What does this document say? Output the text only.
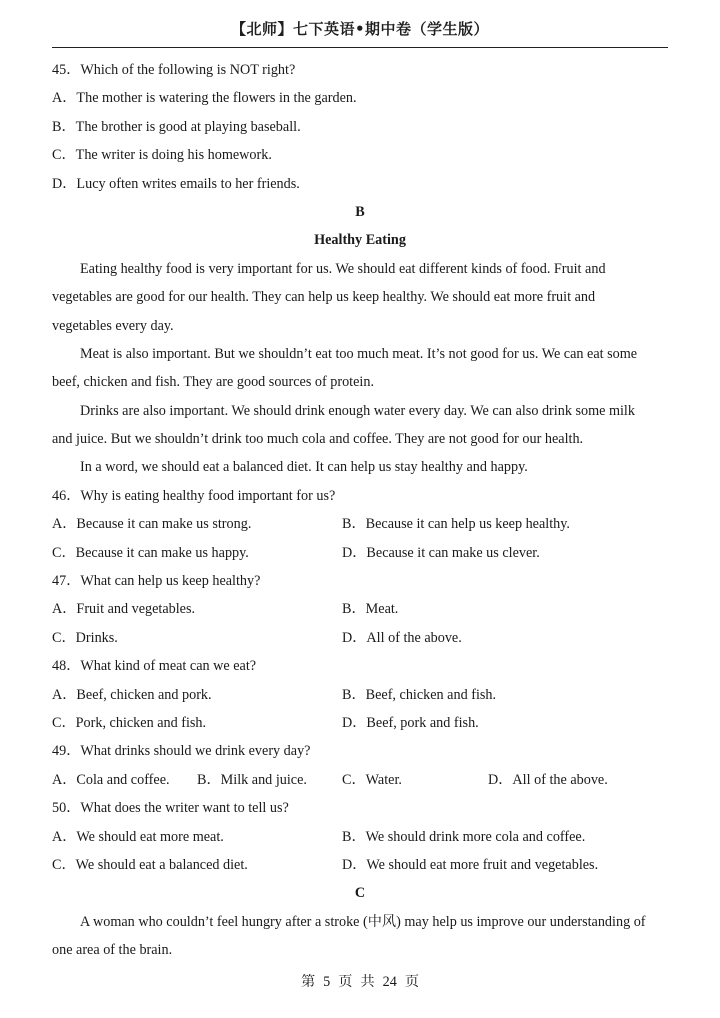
【北师】七下英语•期中卷（学生版）
45．Which of the following is NOT right?
A．The mother is watering the flowers in the garden.
B．The brother is good at playing baseball.
C．The writer is doing his homework.
D．Lucy often writes emails to her friends.
B
Healthy Eating
Eating healthy food is very important for us. We should eat different kinds of food. Fruit and
vegetables are good for our health. They can help us keep healthy. We should eat more fruit and
vegetables every day.
Meat is also important. But we shouldn’t eat too much meat. It’s not good for us. We can eat some
beef, chicken and fish. They are good sources of protein.
Drinks are also important. We should drink enough water every day. We can also drink some milk
and juice. But we shouldn’t drink too much cola and coffee. They are not good for our health.
In a word, we should eat a balanced diet. It can help us stay healthy and happy.
46．Why is eating healthy food important for us?
A．Because it can make us strong.	B．Because it can help us keep healthy.
C．Because it can make us happy.	D．Because it can make us clever.
47．What can help us keep healthy?
A．Fruit and vegetables.	B．Meat.
C．Drinks.	D．All of the above.
48．What kind of meat can we eat?
A．Beef, chicken and pork.	B．Beef, chicken and fish.
C．Pork, chicken and fish.	D．Beef, pork and fish.
49．What drinks should we drink every day?
A．Cola and coffee. B．Milk and juice. C．Water.	D．All of the above.
50．What does the writer want to tell us?
A．We should eat more meat.	B．We should drink more cola and coffee.
C．We should eat a balanced diet.	D．We should eat more fruit and vegetables.
C
A woman who couldn’t feel hungry after a stroke (中风) may help us improve our understanding of
one area of the brain.
第 5 页 共 24 页
